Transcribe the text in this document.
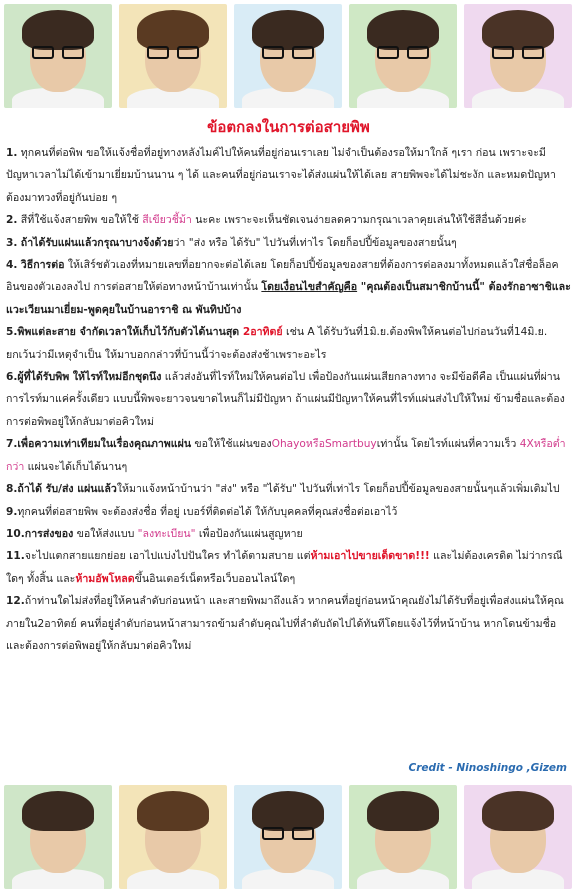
ข้อตกลงในการต่อสายพิพ

1. ทุกคนที่ต่อพิพ ขอให้แจ้งชื่อที่อยู่ทางหลังไมค์ไปให้คนที่อยู่ก่อนเราเลย ไม่จำเป็นต้องรอให้มาใกล้ ๆเรา ก่อน เพราะจะมีปัญหาเวลาไม่ได้เข้ามาเยี่ยมบ้านนาน ๆ ได้ และคนที่อยู่ก่อนเราจะได้ส่งแผ่นให้ได้เลย สายพิพจะได้ไม่ชะงัก และหมดปัญหาต้องมาทวงที่อยู่กันบ่อย ๆ

2. สีที่ใช้แจ้งสายพิพ ขอให้ใช้ สีเขียวชี้ม้า นะคะ เพราะจะเห็นชัดเจนง่ายลดความกรุณาเวลาคุยเล่นให้ใช้สีอื่นด้วยค่ะ

3. ถ้าได้รับแผ่นแล้วกรุณาบางจ้งด้วยว่า "ส่ง หรือ ได้รับ" ไปวันที่เท่าไร โดยก็อปปี้ข้อมูลของสายนั้นๆ

4. วิธีการต่อ ให้เสิร์ชตัวเองที่หมายเลขที่อยากจะต่อได้เลย โดยก็อปปี้ข้อมูลของสายที่ต้องการต่อลงมาทั้งหมดแล้วใส่ชื่อล็อคอินของตัวเองลงไป การต่อสายให้ต่อทางหน้าบ้านเท่านั้น โดยเงื่อนไขสำคัญคือ "คุณต้องเป็นสมาชิกบ้านนี้" ต้องรักอาซาชิและแวะเวียนมาเยี่ยม-พูดคุยในบ้านอาราชิ ณ พันทิปบ้าง

5.พิพแต่ละสาย จำกัดเวลาให้เก็บไว้กับตัวได้นานสุด 2อาทิตย์ เช่น A ได้รับวันที่1มิ.ย.ต้องพิพให้คนต่อไปก่อนวันที่14มิ.ย. ยกเว้นว่ามีเหตุจำเป็น ให้มาบอกกล่าวที่บ้านนี้ว่าจะต้องส่งช้าเพราะอะไร

6.ผู้ที่ได้รับพิพ ให้ไรท์ใหม่อีกชุดนึง แล้วส่งอันที่ไรท์ใหม่ให้คนต่อไป เพื่อป้องกันแผ่นเสียกลางทาง จะมีข้อดีคือ เป็นแผ่นที่ผ่านการไรท์มาแค่ครั้งเดียว แบบนี้พิพจะยาวจนขาดไหนก็ไม่มีปัญหา ถ้าแผ่นมีปัญหาให้คนที่ไรท์แผ่นส่งไปให้ใหม่ ข้ามชื่อและต้องการต่อพิพอยู่ให้กลับมาต่อคิวใหม่

7.เพื่อความเท่าเทียมในเรื่องคุณภาพแผ่น ขอให้ใช้แผ่นของOhayoหรือSmartbuyเท่านั้น โดยไรท์แผ่นที่ความเร็ว 4Xหรือต่ำกว่า แผ่นจะได้เก็บได้นานๆ

8.ถ้าได้ รับ/ส่ง แผ่นแล้วให้มาแจ้งหน้าบ้านว่า "ส่ง" หรือ "ได้รับ" ไปวันที่เท่าไร โดยก็อปปี้ข้อมูลของสายนั้นๆแล้วเพิ่มเติมไป

9.ทุกคนที่ต่อสายพิพ จะต้องส่งชื่อ ที่อยู่ เบอร์ที่ติดต่อได้ ให้กับบุคคลที่คุณส่งชื่อต่อเอาไว้

10.การส่งของ ขอให้ส่งแบบ "ลงทะเบียน" เพื่อป้องกันแผ่นสูญหาย

11.จะไปแตกสายแยกย่อย เอาไปแบ่งไปปันใคร ทำได้ตามสบาย แต่ห้ามเอาไปขายเด็ดขาด!!! และไม่ต้องเครดิต ไม่ว่ากรณีใดๆ ทั้งสิ้น และห้ามอัพโหลดขึ้นอินเตอร์เน็ตหรือเว็บออนไลน์ใดๆ

12.ถ้าท่านใดไม่ส่งที่อยู่ให้คนลำดับก่อนหน้า และสายพิพมาถึงแล้ว หากคนที่อยู่ก่อนหน้าคุณยังไม่ได้รับที่อยู่เพื่อส่งแผ่นให้คุณภายใน2อาทิตย์ คนที่อยู่ลำดับก่อนหน้าสามารถข้ามลำดับคุณไปที่ลำดับถัดไปได้ทันทีโดยแจ้งไว้ที่หน้าบ้าน หากโดนข้ามชื่อและต้องการต่อพิพอยู่ให้กลับมาต่อคิวใหม่

Credit - Ninoshingo ,Gizem
